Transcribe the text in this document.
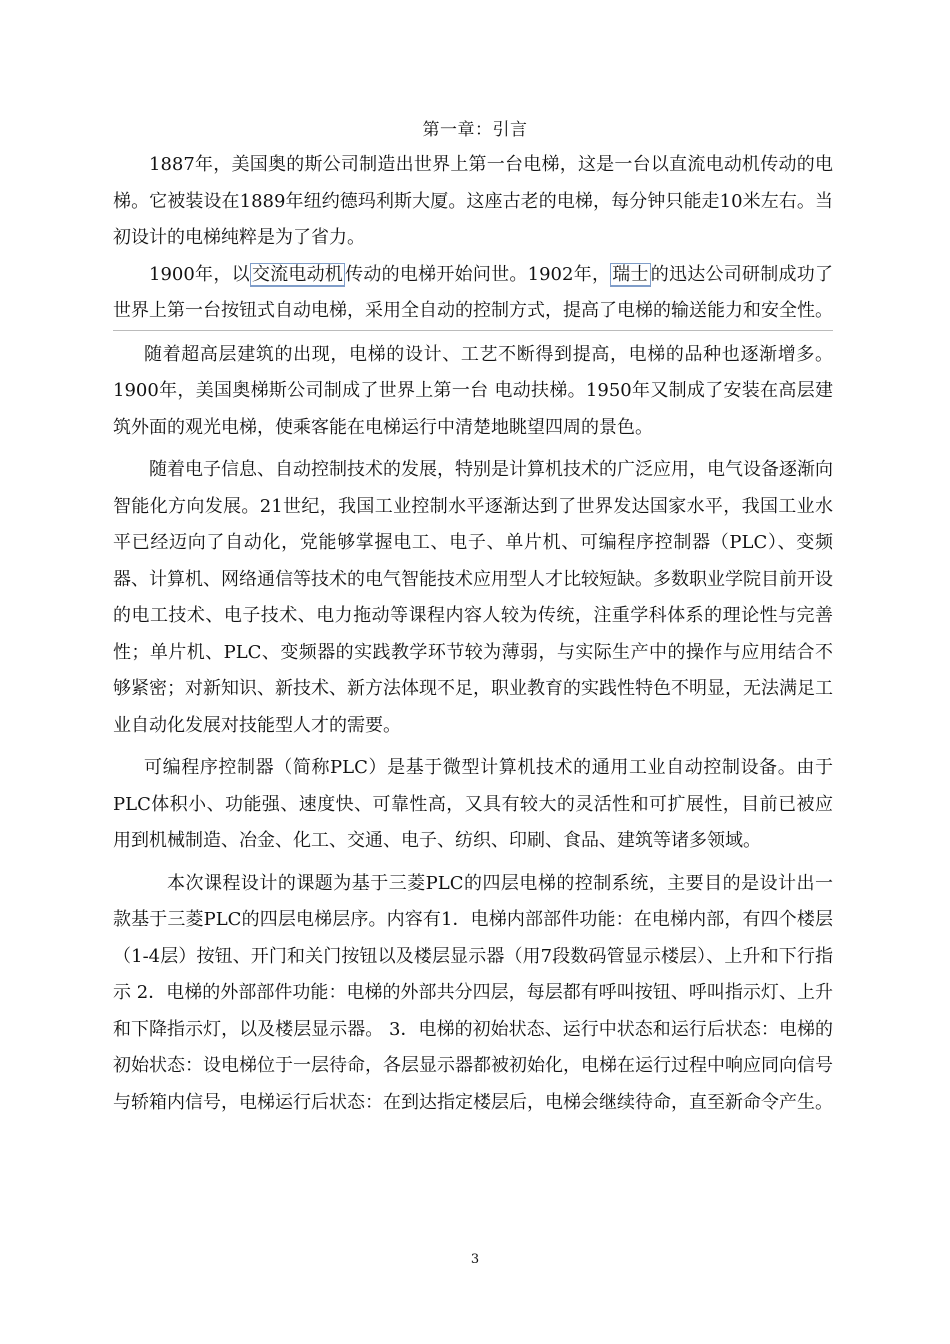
第一章：引言

1887年，美国奥的斯公司制造出世界上第一台电梯，这是一台以直流电动机传动的电梯。它被装设在1889年纽约德玛利斯大厦。这座古老的电梯，每分钟只能走10米左右。当初设计的电梯纯粹是为了省力。

1900年，以 交流电动机 传动的电梯开始问世。1902年， 瑞士 的迅达公司研制成功了世界上第一台按钮式自动电梯，采用全自动的控制方式，提高了电梯的输送能力和安全性。

随着超高层建筑的出现，电梯的设计、工艺不断得到提高，电梯的品种也逐渐增多。1900年，美国奥梯斯公司制成了世界上第一台 电动扶梯。1950年又制成了安装在高层建筑外面的观光电梯，使乘客能在电梯运行中清楚地眺望四周的景色。

随着电子信息、自动控制技术的发展，特别是计算机技术的广泛应用，电气设备逐渐向智能化方向发展。21世纪，我国工业控制水平逐渐达到了世界发达国家水平，我国工业水平已经迈向了自动化，党能够掌握电工、电子、单片机、可编程序控制器（PLC）、变频器、计算机、网络通信等技术的电气智能技术应用型人才比较短缺。多数职业学院目前开设的电工技术、电子技术、电力拖动等课程内容人较为传统，注重学科体系的理论性与完善性；单片机、PLC、变频器的实践教学环节较为薄弱，与实际生产中的操作与应用结合不够紧密；对新知识、新技术、新方法体现不足，职业教育的实践性特色不明显，无法满足工业自动化发展对技能型人才的需要。

可编程序控制器（简称PLC）是基于微型计算机技术的通用工业自动控制设备。由于PLC体积小、功能强、速度快、可靠性高，又具有较大的灵活性和可扩展性，目前已被应用到机械制造、冶金、化工、交通、电子、纺织、印刷、食品、建筑等诸多领域。

本次课程设计的课题为基于三菱PLC的四层电梯的控制系统，主要目的是设计出一款基于三菱PLC的四层电梯层序。内容有1．电梯内部部件功能：在电梯内部，有四个楼层（1-4层）按钮、开门和关门按钮以及楼层显示器（用7段数码管显示楼层）、上升和下行指示 2．电梯的外部部件功能：电梯的外部共分四层，每层都有呼叫按钮、呼叫指示灯、上升和下降指示灯，以及楼层显示器。 3．电梯的初始状态、运行中状态和运行后状态：电梯的初始状态：设电梯位于一层待命，各层显示器都被初始化，电梯在运行过程中响应同向信号与轿箱内信号，电梯运行后状态：在到达指定楼层后，电梯会继续待命，直至新命令产生。

3
